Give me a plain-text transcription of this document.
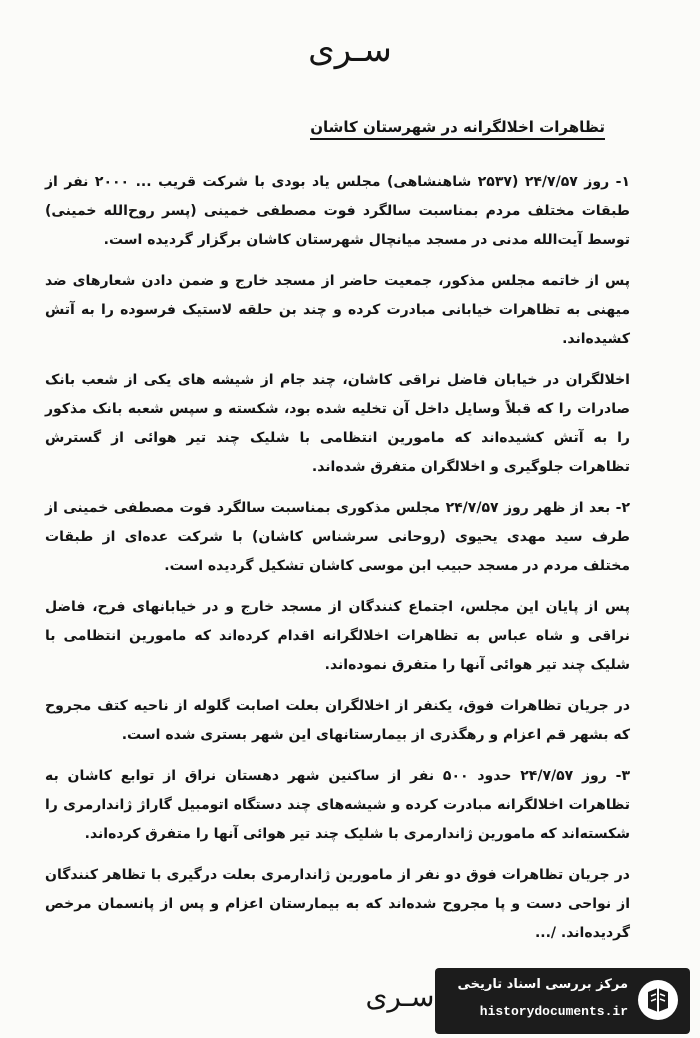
سـری
تظاهرات اخلالگرانه در شهرستان کاشان

۱- روز ۲۴/۷/۵۷ (۲۵۳۷ شاهنشاهی) مجلس یاد بودی با شرکت قریب ... ۲۰۰۰ نفر از طبقات مختلف مردم بمناسبت سالگرد فوت مصطفی خمینی (پسر روح‌الله خمینی) توسط آیت‌الله مدنی در مسجد میانچال شهرستان کاشان برگزار گردیده است.

پس از خاتمه مجلس مذکور، جمعیت حاضر از مسجد خارج و ضمن دادن شعارهای ضد میهنی به تظاهرات خیابانی مبادرت کرده و چند بن حلقه لاستیک فرسوده را به آتش کشیده‌اند.

اخلالگران در خیابان فاضل نراقی کاشان، چند جام از شیشه های یکی از شعب بانک صادرات را که قبلاً وسایل داخل آن تخلیه شده بود، شکسته و سپس شعبه بانک مذکور را به آتش کشیده‌اند که مامورین انتظامی با شلیک چند تیر هوائی از گسترش تظاهرات جلوگیری و اخلالگران متفرق شده‌اند.

۲- بعد از ظهر روز ۲۴/۷/۵۷ مجلس مذکوری بمناسبت سالگرد فوت مصطفی خمینی از طرف سید مهدی یحیوی (روحانی سرشناس کاشان) با شرکت عده‌ای از طبقات مختلف مردم در مسجد حبیب ابن موسی کاشان تشکیل گردیده است.

پس از پایان این مجلس، اجتماع کنندگان از مسجد خارج و در خیابانهای فرح، فاضل نراقی و شاه عباس به تظاهرات اخلالگرانه اقدام کرده‌اند که مامورین انتظامی با شلیک چند تیر هوائی آنها را متفرق نموده‌اند.

در جریان تظاهرات فوق، یکنفر از اخلالگران بعلت اصابت گلوله از ناحیه کتف مجروح که بشهر قم اعزام و رهگذری از بیمارستانهای این شهر بستری شده است.

۳- روز ۲۴/۷/۵۷ حدود ۵۰۰ نفر از ساکنین شهر دهستان نراق از توابع کاشان به تظاهرات اخلالگرانه مبادرت کرده و شیشه‌های چند دستگاه اتومبیل گاراژ ژاندارمری را شکسته‌اند که مامورین ژاندارمری با شلیک چند تیر هوائی آنها را متفرق کرده‌اند.

در جریان تظاهرات فوق دو نفر از مامورین ژاندارمری بعلت درگیری با تظاهر کنندگان از نواحی دست و پا مجروح شده‌اند که به بیمارستان اعزام و پس از پانسمان مرخص گردیده‌اند. /...

سـری	مرکز بررسی اسناد تاریخی
historydocuments.ir
